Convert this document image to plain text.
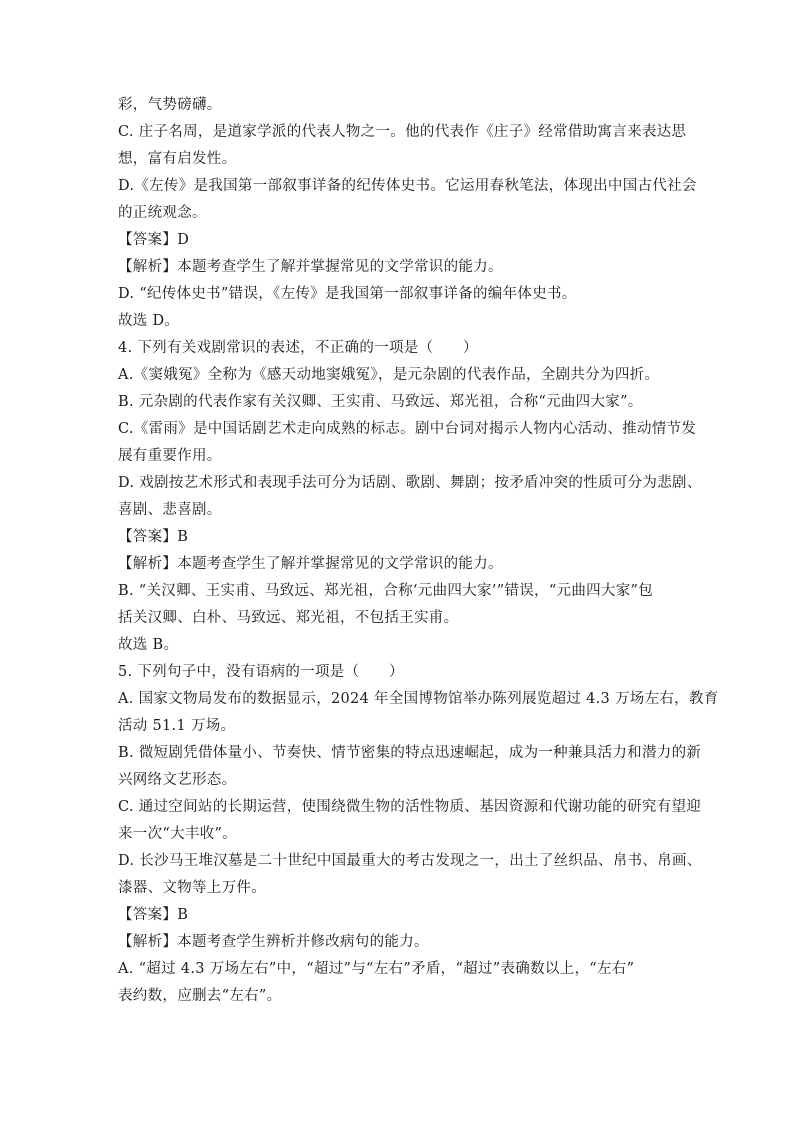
彩，气势磅礴。
C. 庄子名周，是道家学派的代表人物之一。他的代表作《庄子》经常借助寓言来表达思
想，富有启发性。
D.《左传》是我国第一部叙事详备的纪传体史书。它运用春秋笔法，体现出中国古代社会
的正统观念。
【答案】D
【解析】本题考查学生了解并掌握常见的文学常识的能力。
D. “纪传体史书”错误，《左传》是我国第一部叙事详备的编年体史书。
故选 D。
4. 下列有关戏剧常识的表述，不正确的一项是（　　）
A.《窦娥冤》全称为《感天动地窦娥冤》，是元杂剧的代表作品，全剧共分为四折。
B. 元杂剧的代表作家有关汉卿、王实甫、马致远、郑光祖，合称“元曲四大家”。
C.《雷雨》是中国话剧艺术走向成熟的标志。剧中台词对揭示人物内心活动、推动情节发
展有重要作用。
D. 戏剧按艺术形式和表现手法可分为话剧、歌剧、舞剧；按矛盾冲突的性质可分为悲剧、
喜剧、悲喜剧。
【答案】B
【解析】本题考查学生了解并掌握常见的文学常识的能力。
B. “关汉卿、王实甫、马致远、郑光祖，合称‘元曲四大家’”错误，“元曲四大家”包
括关汉卿、白朴、马致远、郑光祖，不包括王实甫。
故选 B。
5. 下列句子中，没有语病的一项是（　　）
A. 国家文物局发布的数据显示，2024 年全国博物馆举办陈列展览超过 4.3 万场左右，教育
活动 51.1 万场。
B. 微短剧凭借体量小、节奏快、情节密集的特点迅速崛起，成为一种兼具活力和潜力的新
兴网络文艺形态。
C. 通过空间站的长期运营，使围绕微生物的活性物质、基因资源和代谢功能的研究有望迎
来一次“大丰收”。
D. 长沙马王堆汉墓是二十世纪中国最重大的考古发现之一，出土了丝织品、帛书、帛画、
漆器、文物等上万件。
【答案】B
【解析】本题考查学生辨析并修改病句的能力。
A. “超过 4.3 万场左右”中，“超过”与“左右”矛盾，“超过”表确数以上，“左右”
表约数，应删去“左右”。
